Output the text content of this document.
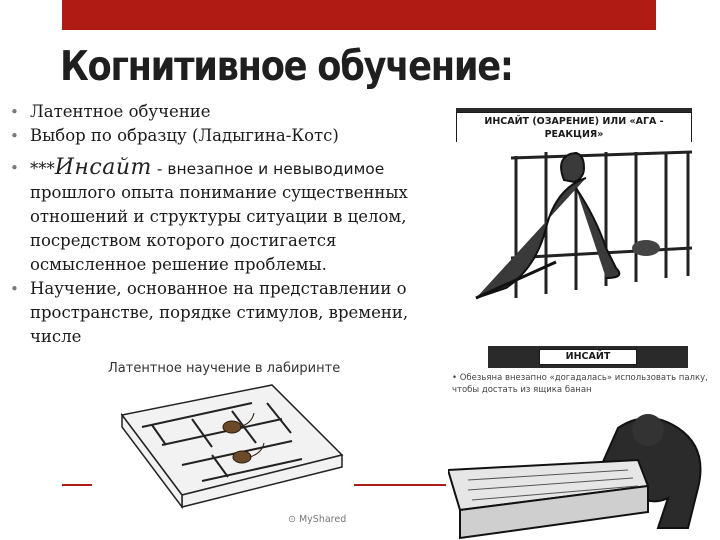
Когнитивное обучение:

• Латентное обучение

• Выбор по образцу (Ладыгина-Котс)

• ***Инсайт - внезапное и невыводимое
прошлого опыта понимание существенных отношений и структуры ситуации в целом, посредством которого достигается осмысленное решение проблемы.

• Научение, основанное на представлении о пространстве, порядке стимулов, времени, числе

ИНСАЙТ (ОЗАРЕНИЕ) ИЛИ «АГА - РЕАКЦИЯ»
ИНСАЙТ
• Обезьяна внезапно «догадалась» использовать палку, чтобы достать из ящика банан
Латентное научение в лабиринте
⊙ MyShared
